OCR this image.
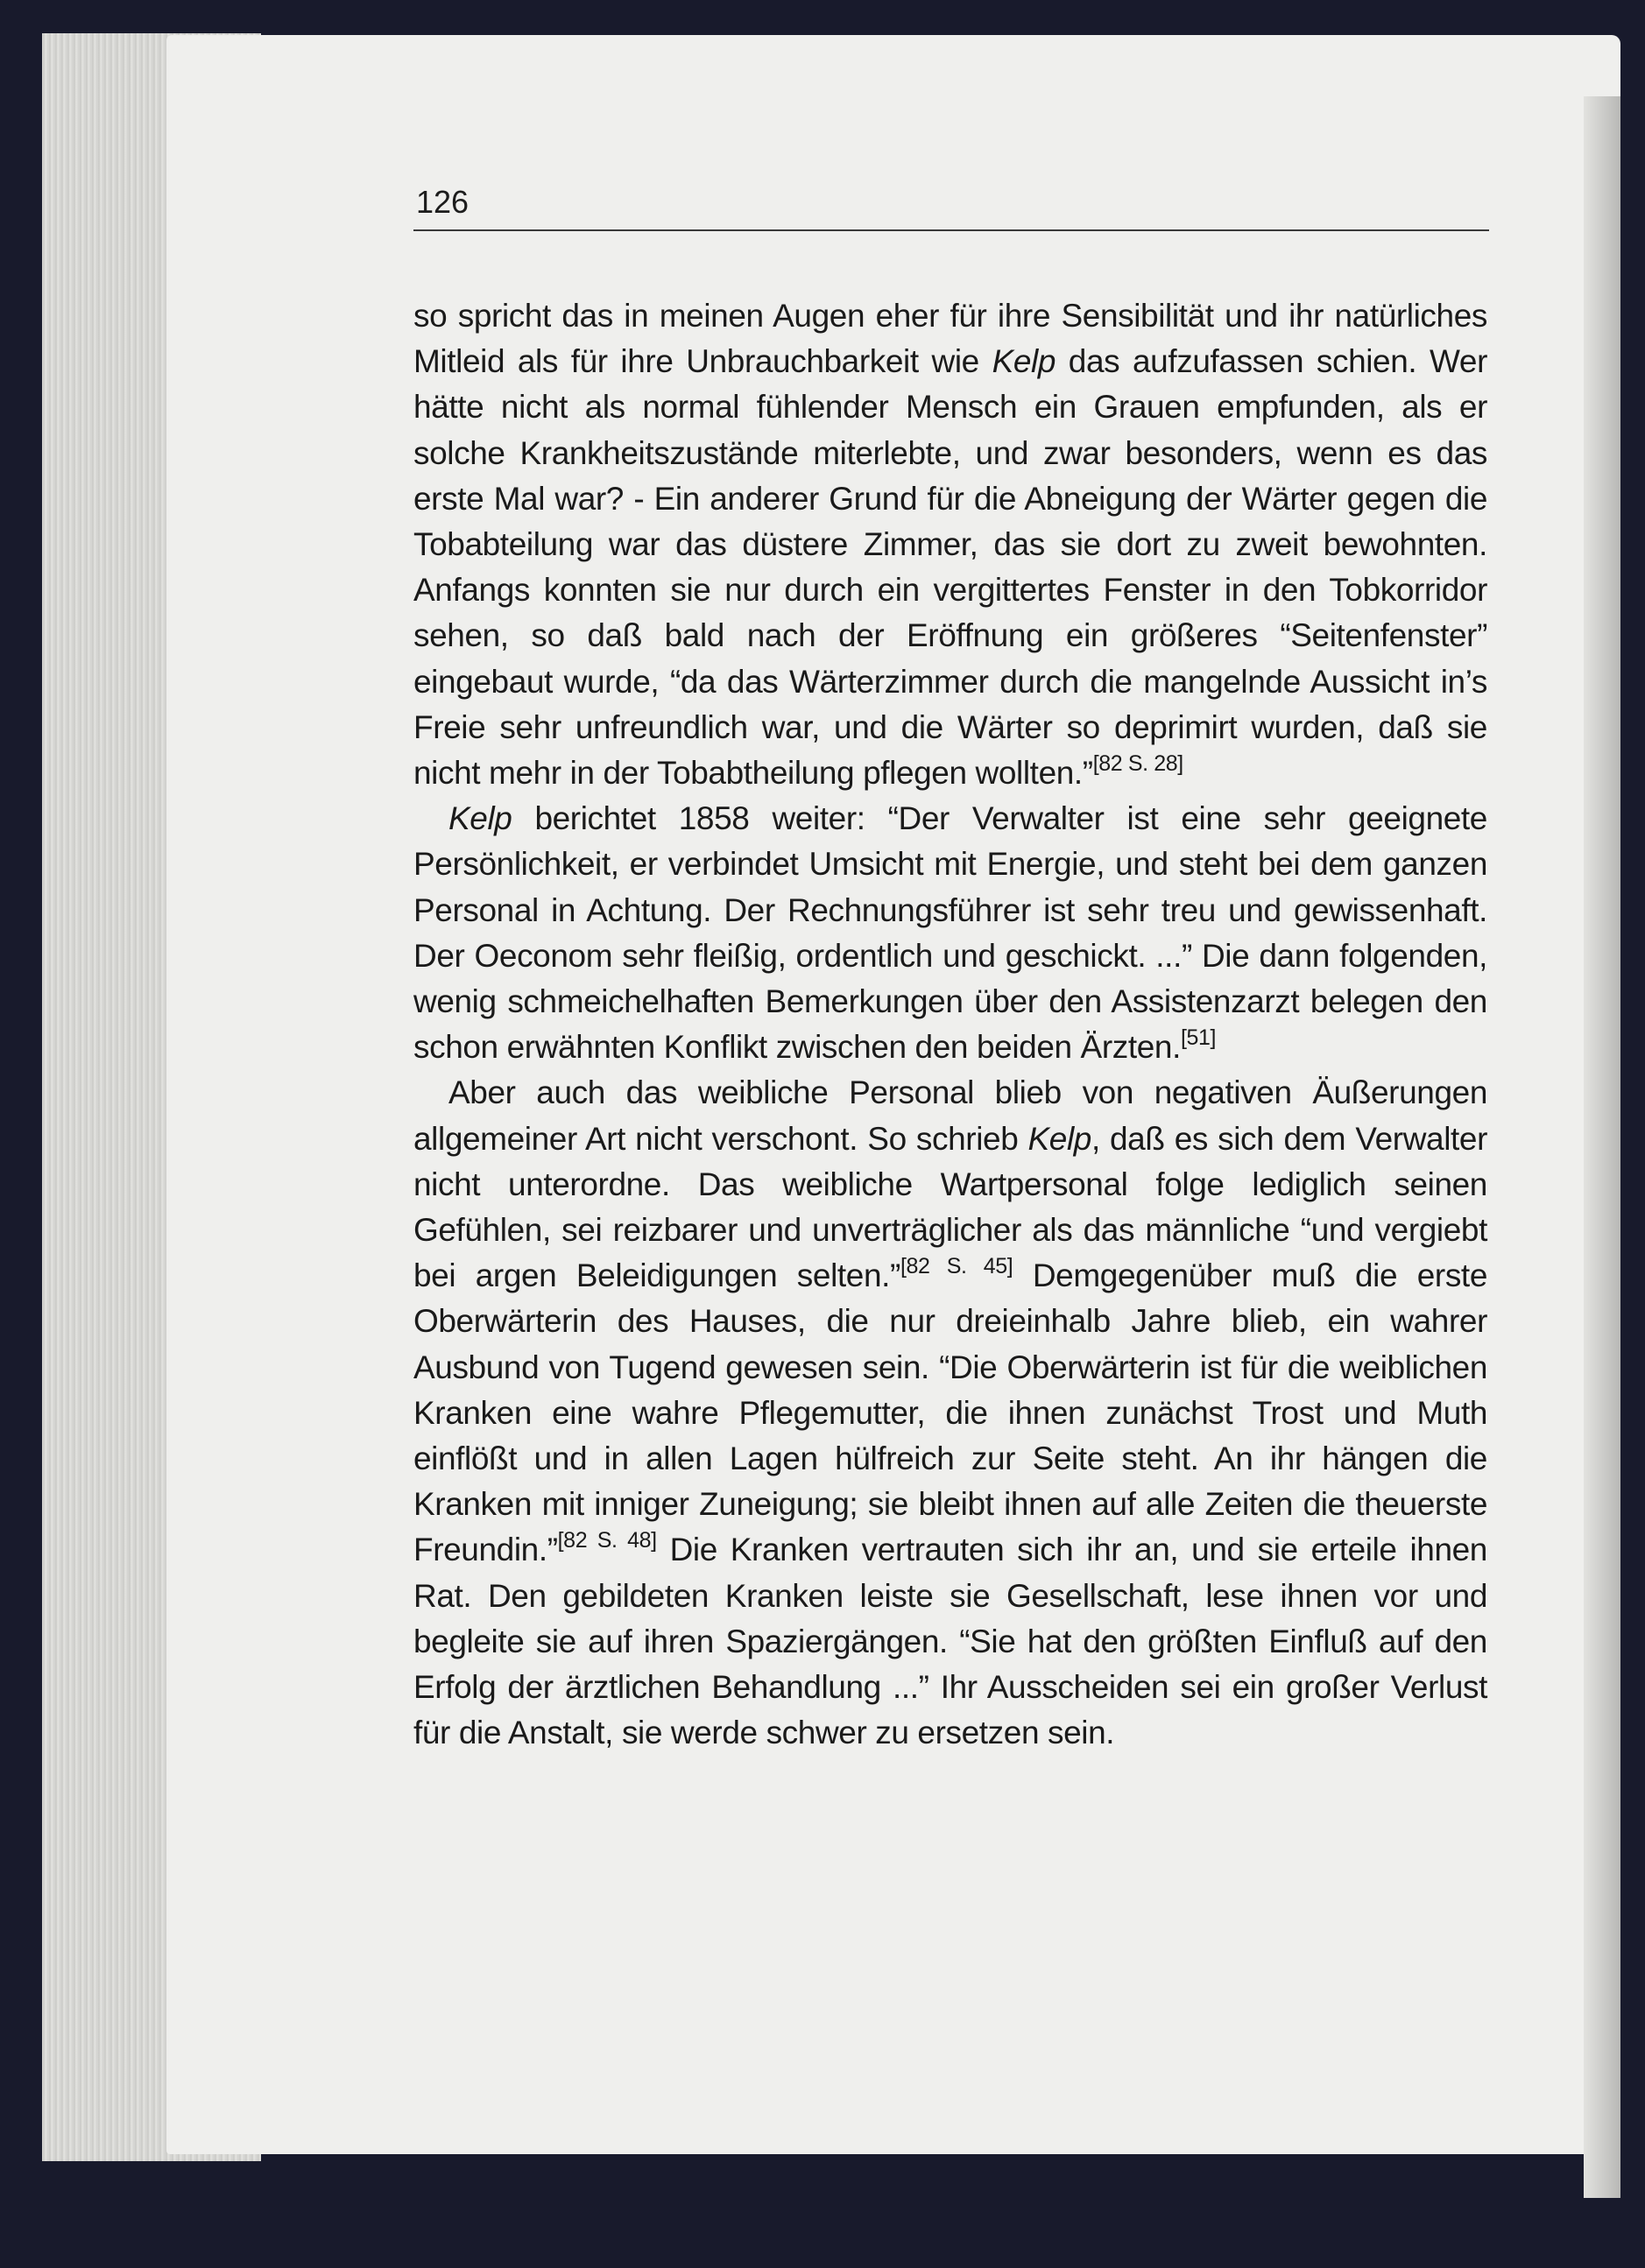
126

so spricht das in meinen Augen eher für ihre Sensibilität und ihr natürliches Mitleid als für ihre Unbrauchbarkeit wie Kelp das aufzufassen schien. Wer hätte nicht als normal fühlender Mensch ein Grauen empfunden, als er solche Krankheitszustände miterlebte, und zwar besonders, wenn es das erste Mal war? - Ein anderer Grund für die Abneigung der Wärter gegen die Tobabteilung war das düstere Zimmer, das sie dort zu zweit bewohnten. Anfangs konnten sie nur durch ein vergittertes Fenster in den Tobkorridor sehen, so daß bald nach der Eröffnung ein größeres “Seitenfenster” eingebaut wurde, “da das Wärterzimmer durch die mangelnde Aussicht in’s Freie sehr unfreundlich war, und die Wärter so deprimirt wurden, daß sie nicht mehr in der Tobabtheilung pflegen wollten.”[82 S. 28]

Kelp berichtet 1858 weiter: “Der Verwalter ist eine sehr geeignete Persönlichkeit, er verbindet Umsicht mit Energie, und steht bei dem ganzen Personal in Achtung. Der Rechnungsführer ist sehr treu und gewissenhaft. Der Oeconom sehr fleißig, ordentlich und geschickt. ...” Die dann folgenden, wenig schmeichelhaften Bemerkungen über den Assistenzarzt belegen den schon erwähnten Konflikt zwischen den beiden Ärzten.[51]

Aber auch das weibliche Personal blieb von negativen Äußerungen allgemeiner Art nicht verschont. So schrieb Kelp, daß es sich dem Verwalter nicht unterordne. Das weibliche Wartpersonal folge lediglich seinen Gefühlen, sei reizbarer und unverträglicher als das männliche “und vergiebt bei argen Beleidigungen selten.”[82 S. 45] Demgegenüber muß die erste Oberwärterin des Hauses, die nur dreieinhalb Jahre blieb, ein wahrer Ausbund von Tugend gewesen sein. “Die Oberwärterin ist für die weiblichen Kranken eine wahre Pflegemutter, die ihnen zunächst Trost und Muth einflößt und in allen Lagen hülfreich zur Seite steht. An ihr hängen die Kranken mit inniger Zuneigung; sie bleibt ihnen auf alle Zeiten die theuerste Freundin.”[82 S. 48] Die Kranken vertrauten sich ihr an, und sie erteile ihnen Rat. Den gebildeten Kranken leiste sie Gesellschaft, lese ihnen vor und begleite sie auf ihren Spaziergängen. “Sie hat den größten Einfluß auf den Erfolg der ärztlichen Behandlung ...” Ihr Ausscheiden sei ein großer Verlust für die Anstalt, sie werde schwer zu ersetzen sein.
